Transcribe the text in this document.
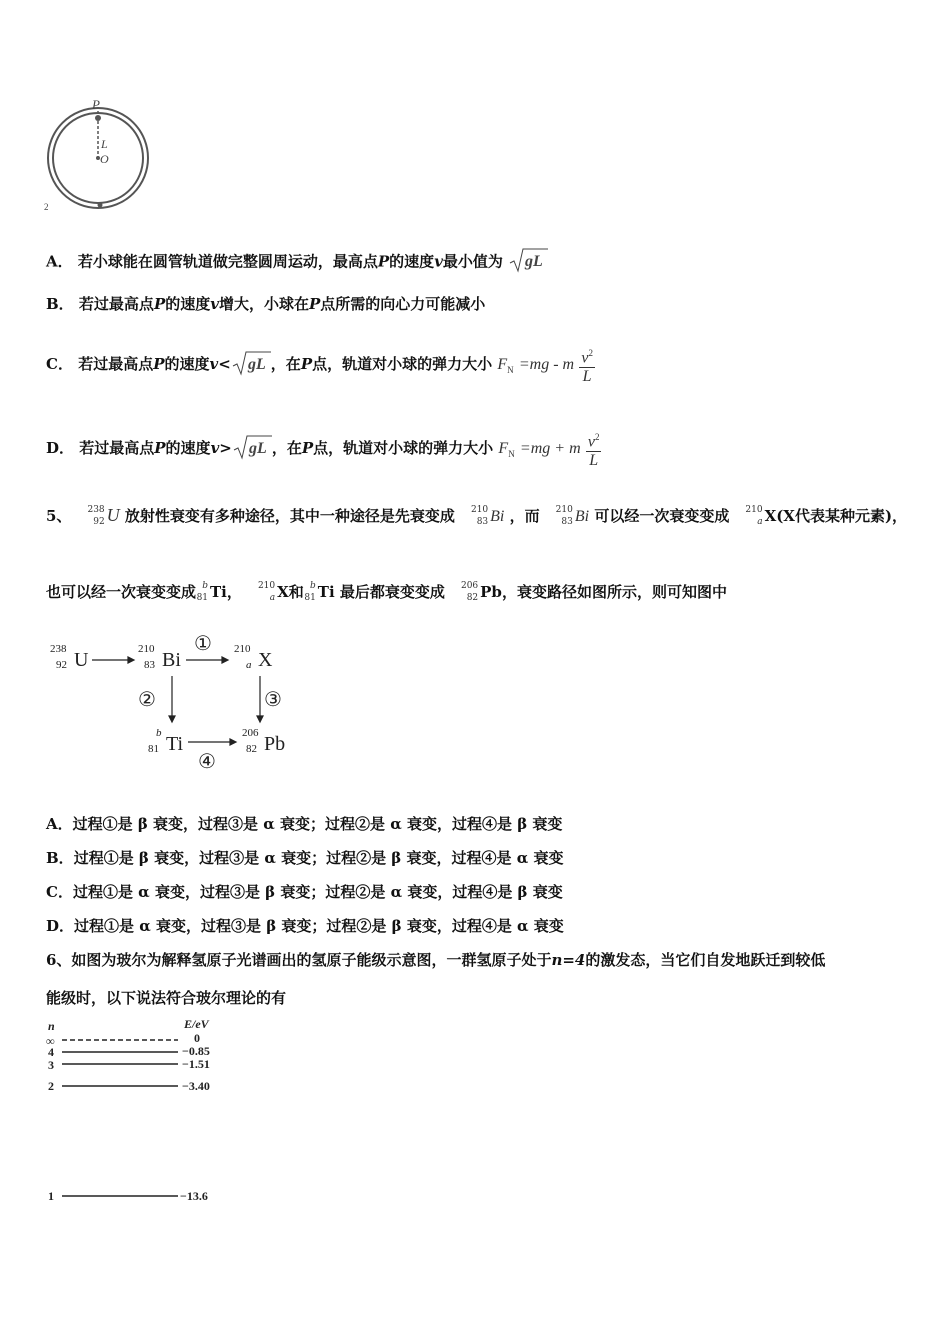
P
L
O
2
A． 若小球能在圆管轨道做完整圆周运动，最高点P的速度v最小值为 gL
B． 若过最高点P的速度v增大，小球在P点所需的向心力可能减小
C． 若过最高点P的速度v< gL ，在P点，轨道对小球的弹力大小 $F_N =mg - m \frac{v^2}{L}$
D． 若过最高点P的速度v> gL ，在P点，轨道对小球的弹力大小 $F_N =mg + m \frac{v^2}{L}$
5、 238
92 U 放射性衰变有多种途径，其中一种途径是先衰变成 210
83 Bi ，而 210
83 Bi 可以经一次衰变变成 210
a X(X代表某种元素)，
也可以经一次衰变变成 b
81 Ti， 210
a X和 b
81 Ti 最后都衰变变成 206
82 Pb，衰变路径如图所示，则可知图中
238
92 U	210
83 Bi	210
a X
b
81 Ti	206
82 Pb
①
②	③
④
A．过程①是 β 衰变，过程③是 α 衰变；过程②是 α 衰变，过程④是 β 衰变
B．过程①是 β 衰变，过程③是 α 衰变；过程②是 β 衰变，过程④是 α 衰变
C．过程①是 α 衰变，过程③是 β 衰变；过程②是 α 衰变，过程④是 β 衰变
D．过程①是 α 衰变，过程③是 β 衰变；过程②是 β 衰变，过程④是 α 衰变
6、如图为玻尔为解释氢原子光谱画出的氢原子能级示意图，一群氢原子处于n=4的激发态，当它们自发地跃迁到较低
能级时，以下说法符合玻尔理论的有
n	E/eV
∞	0
4	−0.85
3	−1.51
2	−3.40
1	−13.6
